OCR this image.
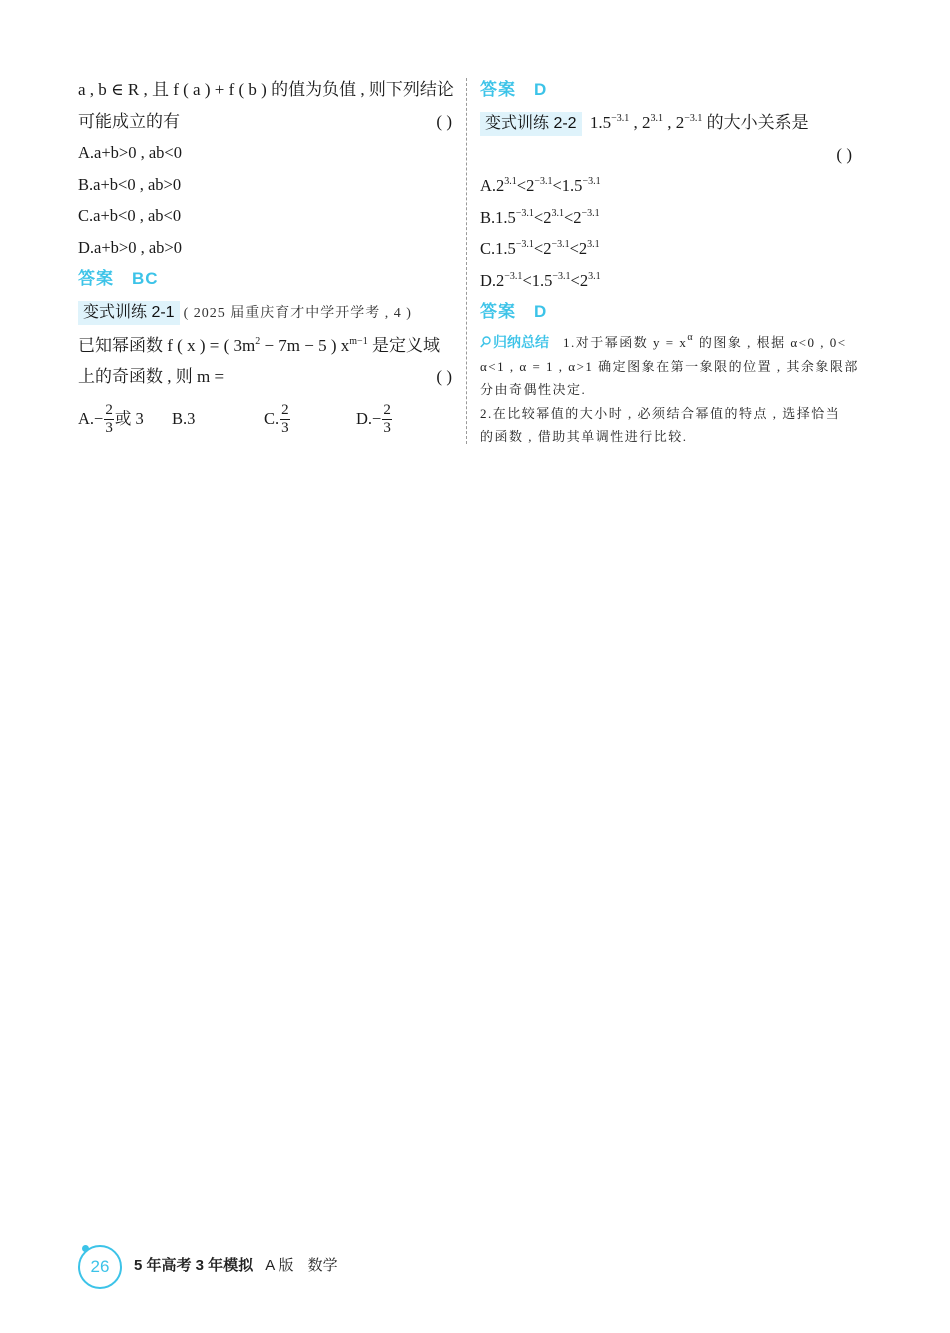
a , b ∈ R , 且 f ( a ) + f ( b ) 的值为负值 , 则下列结论
可能成立的有	( )
A.a+b>0 , ab<0
B.a+b<0 , ab>0
C.a+b<0 , ab<0
D.a+b>0 , ab>0
答案 BC
变式训练 2-1 ( 2025 届重庆育才中学开学考 , 4 )
已知幂函数 f ( x ) = ( $3m^2 - 7m - 5$ ) $x^{m-1}$ 是定义域
上的奇函数 , 则 m =	( )
$A.- \frac{2}{3}$ 或 3 B.3	C. $\frac{2}{3}$	$D.- \frac{2}{3}$
答案 D
变式训练 2-2 $1.5^{-3.1}$ , $2^{3.1}$ , $2^{-3.1}$ 的大小关系是
( )
$A.2^{3.1}<2^{-3.1}<1.5^{-3.1}$
$B.1.5^{-3.1}<2^{3.1}<2^{-3.1}$
$C.1.5^{-3.1}<2^{-3.1}<2^{3.1}$
$D.2^{-3.1}<1.5^{-3.1}<2^{3.1}$
答案 D
归纳总结 1.对于幂函数 $y = x^\alpha$ 的图象 , 根据 α<0 , 0<
α<1 , α = 1 , α>1 确定图象在第一象限的位置 , 其余象限部
分由奇偶性决定.
2.在比较幂值的大小时 , 必须结合幂值的特点 , 选择恰当
的函数 , 借助其单调性进行比较.
26	5 年高考 3 年模拟 A 版 数学
